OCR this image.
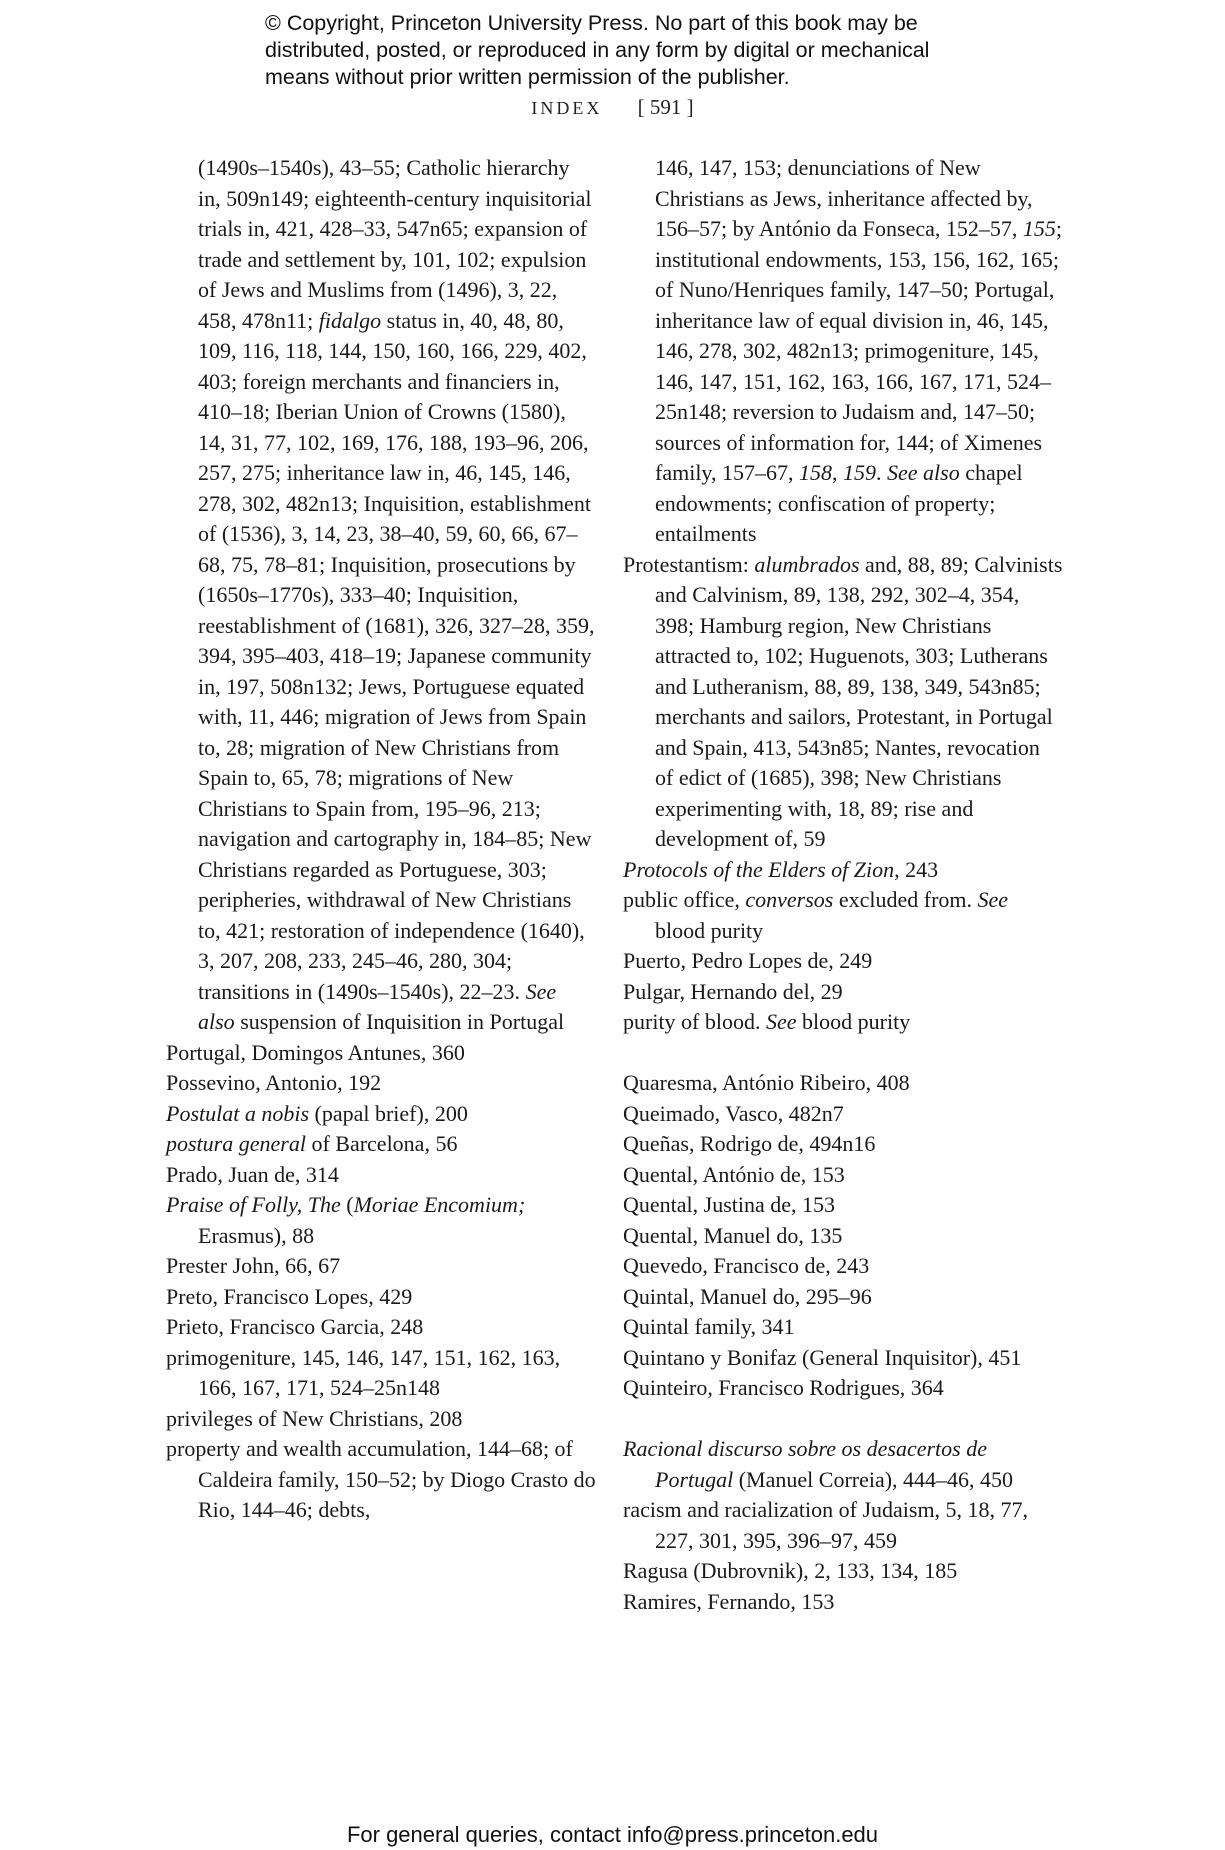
© Copyright, Princeton University Press. No part of this book may be
distributed, posted, or reproduced in any form by digital or mechanical
means without prior written permission of the publisher.
INDEX [ 591 ]
(1490s–1540s), 43–55; Catholic hierarchy in, 509n149; eighteenth-century inquisitorial trials in, 421, 428–33, 547n65; expansion of trade and settlement by, 101, 102; expulsion of Jews and Muslims from (1496), 3, 22, 458, 478n11; fidalgo status in, 40, 48, 80, 109, 116, 118, 144, 150, 160, 166, 229, 402, 403; foreign merchants and financiers in, 410–18; Iberian Union of Crowns (1580), 14, 31, 77, 102, 169, 176, 188, 193–96, 206, 257, 275; inheritance law in, 46, 145, 146, 278, 302, 482n13; Inquisition, establishment of (1536), 3, 14, 23, 38–40, 59, 60, 66, 67–68, 75, 78–81; Inquisition, prosecutions by (1650s–1770s), 333–40; Inquisition, reestablishment of (1681), 326, 327–28, 359, 394, 395–403, 418–19; Japanese community in, 197, 508n132; Jews, Portuguese equated with, 11, 446; migration of Jews from Spain to, 28; migration of New Christians from Spain to, 65, 78; migrations of New Christians to Spain from, 195–96, 213; navigation and cartography in, 184–85; New Christians regarded as Portuguese, 303; peripheries, withdrawal of New Christians to, 421; restoration of independence (1640), 3, 207, 208, 233, 245–46, 280, 304; transitions in (1490s–1540s), 22–23. See also suspension of Inquisition in Portugal
Portugal, Domingos Antunes, 360
Possevino, Antonio, 192
Postulat a nobis (papal brief), 200
postura general of Barcelona, 56
Prado, Juan de, 314
Praise of Folly, The (Moriae Encomium; Erasmus), 88
Prester John, 66, 67
Preto, Francisco Lopes, 429
Prieto, Francisco Garcia, 248
primogeniture, 145, 146, 147, 151, 162, 163, 166, 167, 171, 524–25n148
privileges of New Christians, 208
property and wealth accumulation, 144–68; of Caldeira family, 150–52; by Diogo Crasto do Rio, 144–46; debts,
146, 147, 153; denunciations of New Christians as Jews, inheritance affected by, 156–57; by António da Fonseca, 152–57, 155; institutional endowments, 153, 156, 162, 165; of Nuno/Henriques family, 147–50; Portugal, inheritance law of equal division in, 46, 145, 146, 278, 302, 482n13; primogeniture, 145, 146, 147, 151, 162, 163, 166, 167, 171, 524–25n148; reversion to Judaism and, 147–50; sources of information for, 144; of Ximenes family, 157–67, 158, 159. See also chapel endowments; confiscation of property; entailments
Protestantism: alumbrados and, 88, 89; Calvinists and Calvinism, 89, 138, 292, 302–4, 354, 398; Hamburg region, New Christians attracted to, 102; Huguenots, 303; Lutherans and Lutheranism, 88, 89, 138, 349, 543n85; merchants and sailors, Protestant, in Portugal and Spain, 413, 543n85; Nantes, revocation of edict of (1685), 398; New Christians experimenting with, 18, 89; rise and development of, 59
Protocols of the Elders of Zion, 243
public office, conversos excluded from. See blood purity
Puerto, Pedro Lopes de, 249
Pulgar, Hernando del, 29
purity of blood. See blood purity
Quaresma, António Ribeiro, 408
Queimado, Vasco, 482n7
Queñas, Rodrigo de, 494n16
Quental, António de, 153
Quental, Justina de, 153
Quental, Manuel do, 135
Quevedo, Francisco de, 243
Quintal, Manuel do, 295–96
Quintal family, 341
Quintano y Bonifaz (General Inquisitor), 451
Quinteiro, Francisco Rodrigues, 364
Racional discurso sobre os desacertos de Portugal (Manuel Correia), 444–46, 450
racism and racialization of Judaism, 5, 18, 77, 227, 301, 395, 396–97, 459
Ragusa (Dubrovnik), 2, 133, 134, 185
Ramires, Fernando, 153
For general queries, contact info@press.princeton.edu
